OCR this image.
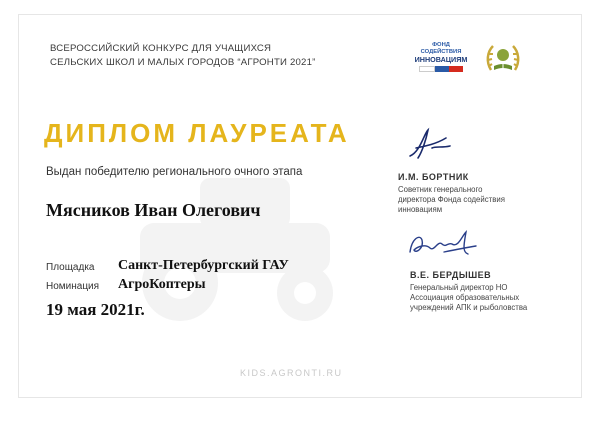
ВСЕРОССИЙСКИЙ КОНКУРС ДЛЯ УЧАЩИХСЯ
СЕЛЬСКИХ ШКОЛ И МАЛЫХ ГОРОДОВ “АГРОНТИ 2021”
ФОНД СОДЕЙСТВИЯ
ИННОВАЦИЯМ
ДИПЛОМ ЛАУРЕАТА
Выдан победителю регионального очного этапа
Мясников Иван Олегович
Площадка Санкт-Петербургский ГАУ
Номинация АгроКоптеры
19 мая 2021г.
KIDS.AGRONTI.RU
И.М. БОРТНИК
Советник генерального
директора Фонда содействия
инновациям
В.Е. БЕРДЫШЕВ
Генеральный директор НО
Ассоциация образовательных
учреждений АПК и рыболовства
